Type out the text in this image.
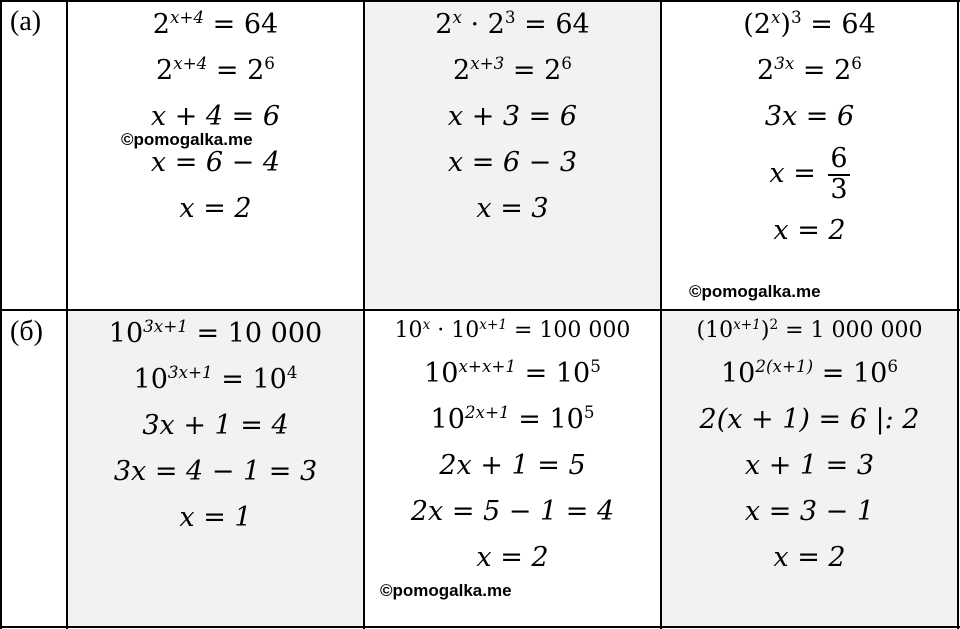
(а)
(б)
$2^{x+4} = 64$
$2^{x+4} = 2^6$
x + 4 = 6
x = 6 − 4
x = 2
©pomogalka.me
$2^x \cdot 2^3 = 64$
$2^{x+3} = 2^6$
x + 3 = 6
x = 6 − 3
x = 3
$(2^x)^3 = 64$
$2^{3x} = 2^6$
3x = 6
$x = \frac{6}{3}$
x = 2
©pomogalka.me
$10^{3x+1} = 10$ 000
$10^{3x+1} = 10^4$
3x + 1 = 4
3x = 4 − 1 = 3
x = 1
$10^x \cdot 10^{x+1} = 100$ 000
$10^{x+x+1} = 10^5$
$10^{2x+1} = 10^5$
2x + 1 = 5
2x = 5 − 1 = 4
x = 2
©pomogalka.me
$(10^{x+1})^2 = 1$ 000 000
$10^{2(x+1)} = 10^6$
2(x + 1) = 6 |: 2
x + 1 = 3
x = 3 − 1
x = 2
